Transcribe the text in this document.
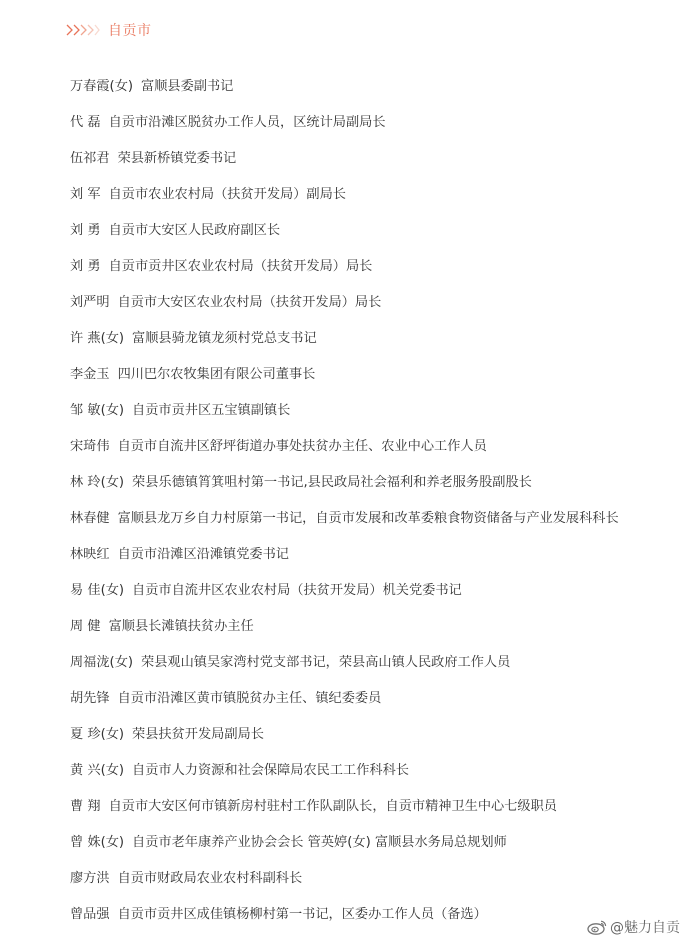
自贡市
万春霞(女) 富顺县委副书记
代 磊 自贡市沿滩区脱贫办工作人员，区统计局副局长
伍祁君 荣县新桥镇党委书记
刘 军 自贡市农业农村局（扶贫开发局）副局长
刘 勇 自贡市大安区人民政府副区长
刘 勇 自贡市贡井区农业农村局（扶贫开发局）局长
刘严明 自贡市大安区农业农村局（扶贫开发局）局长
许 燕(女) 富顺县骑龙镇龙须村党总支书记
李金玉 四川巴尔农牧集团有限公司董事长
邹 敏(女) 自贡市贡井区五宝镇副镇长
宋琦伟 自贡市自流井区舒坪街道办事处扶贫办主任、农业中心工作人员
林 玲(女) 荣县乐德镇筲箕咀村第一书记,县民政局社会福利和养老服务股副股长
林春健 富顺县龙万乡自力村原第一书记，自贡市发展和改革委粮食物资储备与产业发展科科长
林映红 自贡市沿滩区沿滩镇党委书记
易 佳(女) 自贡市自流井区农业农村局（扶贫开发局）机关党委书记
周 健 富顺县长滩镇扶贫办主任
周福泷(女) 荣县观山镇吴家湾村党支部书记，荣县高山镇人民政府工作人员
胡先锋 自贡市沿滩区黄市镇脱贫办主任、镇纪委委员
夏 珍(女) 荣县扶贫开发局副局长
黄 兴(女) 自贡市人力资源和社会保障局农民工工作科科长
曹 翔 自贡市大安区何市镇新房村驻村工作队副队长，自贡市精神卫生中心七级职员
曾 姝(女) 自贡市老年康养产业协会会长 管英婷(女) 富顺县水务局总规划师
廖方洪 自贡市财政局农业农村科副科长
曾品强 自贡市贡井区成佳镇杨柳村第一书记，区委办工作人员（备选）
@魅力自贡
